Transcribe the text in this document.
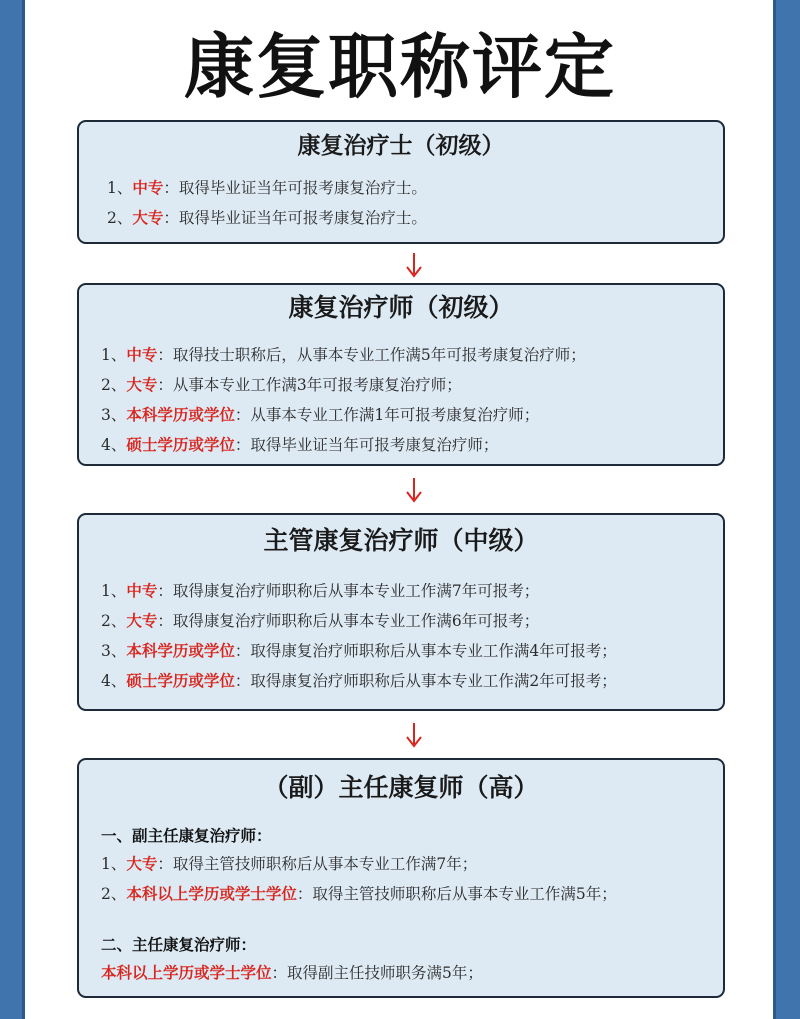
康复职称评定
康复治疗士（初级）
1、中专：取得毕业证当年可报考康复治疗士。
2、大专：取得毕业证当年可报考康复治疗士。
康复治疗师（初级）
1、中专：取得技士职称后，从事本专业工作满5年可报考康复治疗师；
2、大专：从事本专业工作满3年可报考康复治疗师；
3、本科学历或学位：从事本专业工作满1年可报考康复治疗师；
4、硕士学历或学位：取得毕业证当年可报考康复治疗师；
主管康复治疗师（中级）
1、中专：取得康复治疗师职称后从事本专业工作满7年可报考；
2、大专：取得康复治疗师职称后从事本专业工作满6年可报考；
3、本科学历或学位：取得康复治疗师职称后从事本专业工作满4年可报考；
4、硕士学历或学位：取得康复治疗师职称后从事本专业工作满2年可报考；
（副）主任康复师（高）
一、副主任康复治疗师：
1、大专：取得主管技师职称后从事本专业工作满7年；
2、本科以上学历或学士学位：取得主管技师职称后从事本专业工作满5年；
二、主任康复治疗师：
本科以上学历或学士学位：取得副主任技师职务满5年；
